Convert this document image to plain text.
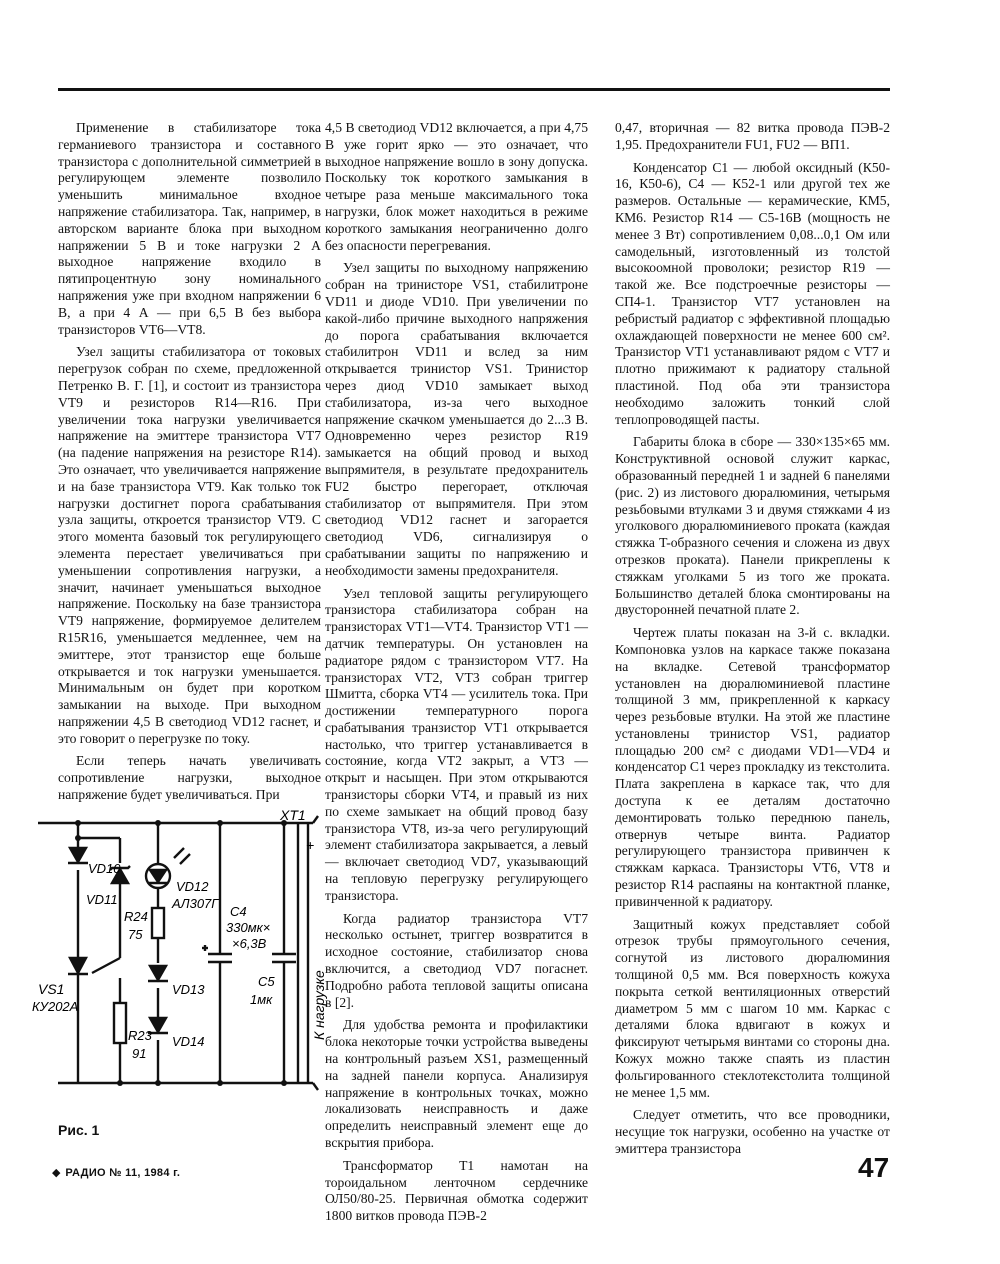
Применение в стабилизаторе тока германиевого транзистора и составного транзистора с дополнительной симметрией в регулирующем элементе позволило уменьшить минимальное входное напряжение стабилизатора. Так, например, в авторском варианте блока при выходном напряжении 5 В и токе нагрузки 2 А выходное напряжение входило в пятипроцентную зону номинального напряжения уже при входном напряжении 6 В, а при 4 А — при 6,5 В без выбора транзисторов VT6—VT8.

Узел защиты стабилизатора от токовых перегрузок собран по схеме, предложенной Петренко В. Г. [1], и состоит из транзистора VT9 и резисторов R14—R16. При увеличении тока нагрузки увеличивается напряжение на эмиттере транзистора VT7 (на падение напряжения на резисторе R14). Это означает, что увеличивается напряжение и на базе транзистора VT9. Как только ток нагрузки достигнет порога срабатывания узла защиты, откроется транзистор VT9. С этого момента базовый ток регулирующего элемента перестает увеличиваться при уменьшении сопротивления нагрузки, а значит, начинает уменьшаться выходное напряжение. Поскольку на базе транзистора VT9 напряжение, формируемое делителем R15R16, уменьшается медленнее, чем на эмиттере, этот транзистор еще больше открывается и ток нагрузки уменьшается. Минимальным он будет при коротком замыкании на выходе. При выходном напряжении 4,5 В светодиод VD12 гаснет, и это говорит о перегрузке по току.

Если теперь начать увеличивать сопротивление нагрузки, выходное напряжение будет увеличиваться. При

4,5 В светодиод VD12 включается, а при 4,75 В уже горит ярко — это означает, что выходное напряжение вошло в зону допуска. Поскольку ток короткого замыкания в четыре раза меньше максимального тока нагрузки, блок может находиться в режиме короткого замыкания неограниченно долго без опасности перегревания.

Узел защиты по выходному напряжению собран на тринисторе VS1, стабилитроне VD11 и диоде VD10. При увеличении по какой-либо причине выходного напряжения до порога срабатывания включается стабилитрон VD11 и вслед за ним открывается тринистор VS1. Тринистор через диод VD10 замыкает выход стабилизатора, из-за чего выходное напряжение скачком уменьшается до 2...3 В. Одновременно через резистор R19 замыкается на общий провод и выход выпрямителя, в результате предохранитель FU2 быстро перегорает, отключая стабилизатор от выпрямителя. При этом светодиод VD12 гаснет и загорается светодиод VD6, сигнализируя о срабатывании защиты по напряжению и необходимости замены предохранителя.

Узел тепловой защиты регулирующего транзистора стабилизатора собран на транзисторах VT1—VT4. Транзистор VT1 — датчик температуры. Он установлен на радиаторе рядом с транзистором VT7. На транзисторах VT2, VT3 собран триггер Шмитта, сборка VT4 — усилитель тока. При достижении температурного порога срабатывания транзистор VT1 открывается настолько, что триггер устанавливается в состояние, когда VT2 закрыт, а VT3 — открыт и насыщен. При этом открываются транзисторы сборки VT4, и правый из них по схеме замыкает на общий провод базу транзистора VT8, из-за чего регулирующий элемент стабилизатора закрывается, а левый — включает светодиод VD7, указывающий на тепловую перегрузку регулирующего транзистора.

Когда радиатор транзистора VT7 несколько остынет, триггер возвратится в исходное состояние, стабилизатор снова включится, а светодиод VD7 погаснет. Подробно работа тепловой защиты описана в [2].

Для удобства ремонта и профилактики блока некоторые точки устройства выведены на контрольный разъем XS1, размещенный на задней панели корпуса. Анализируя напряжение в контрольных точках, можно локализовать неисправность и даже определить неисправный элемент еще до вскрытия прибора.

Трансформатор T1 намотан на тороидальном ленточном сердечнике ОЛ50/80-25. Первичная обмотка содержит 1800 витков провода ПЭВ-2

0,47, вторичная — 82 витка провода ПЭВ-2 1,95. Предохранители FU1, FU2 — ВП1.

Конденсатор C1 — любой оксидный (К50-16, К50-6), C4 — К52-1 или другой тех же размеров. Остальные — керамические, КМ5, КМ6. Резистор R14 — C5-16В (мощность не менее 3 Вт) сопротивлением 0,08...0,1 Ом или самодельный, изготовленный из толстой высокоомной проволоки; резистор R19 — такой же. Все подстроечные резисторы — СП4-1. Транзистор VT7 установлен на ребристый радиатор с эффективной площадью охлаждающей поверхности не менее 600 см². Транзистор VT1 устанавливают рядом с VT7 и плотно прижимают к радиатору стальной пластиной. Под оба эти транзистора необходимо заложить тонкий слой теплопроводящей пасты.

Габариты блока в сборе — 330×135×65 мм. Конструктивной основой служит каркас, образованный передней 1 и задней 6 панелями (рис. 2) из листового дюралюминия, четырьмя резьбовыми втулками 3 и двумя стяжками 4 из уголкового дюралюминиевого проката (каждая стяжка T-образного сечения и сложена из двух отрезков проката). Панели прикреплены к стяжкам уголками 5 из того же проката. Большинство деталей блока смонтированы на двусторонней печатной плате 2.

Чертеж платы показан на 3-й с. вкладки. Компоновка узлов на каркасе также показана на вкладке. Сетевой трансформатор установлен на дюралюминиевой пластине толщиной 3 мм, прикрепленной к каркасу через резьбовые втулки. На этой же пластине установлены тринистор VS1, радиатор площадью 200 см² с диодами VD1—VD4 и конденсатор C1 через прокладку из текстолита. Плата закреплена в каркасе так, что для доступа к ее деталям достаточно демонтировать только переднюю панель, отвернув четыре винта. Радиатор регулирующего транзистора привинчен к стяжкам каркаса. Транзисторы VT6, VT8 и резистор R14 распаяны на контактной планке, привинченной к радиатору.

Защитный кожух представляет собой отрезок трубы прямоугольного сечения, согнутой из листового дюралюминия толщиной 0,5 мм. Вся поверхность кожуха покрыта сеткой вентиляционных отверстий диаметром 5 мм с шагом 10 мм. Каркас с деталями блока вдвигают в кожух и фиксируют четырьмя винтами со стороны дна. Кожух можно также спаять из пластин фольгированного стеклотекстолита толщиной не менее 1,5 мм.

Следует отметить, что все проводники, несущие ток нагрузки, особенно на участке от эмиттера транзистора

VD10
VD11
VS1
КУ202А
R24
75
R23
91
VD12
АЛ307Г
VD13
VD14
C4
330мк×
×6,3В
C5
1мк
XT1
+
К нагрузке
Рис. 1
◆ РАДИО № 11, 1984 г.	47
